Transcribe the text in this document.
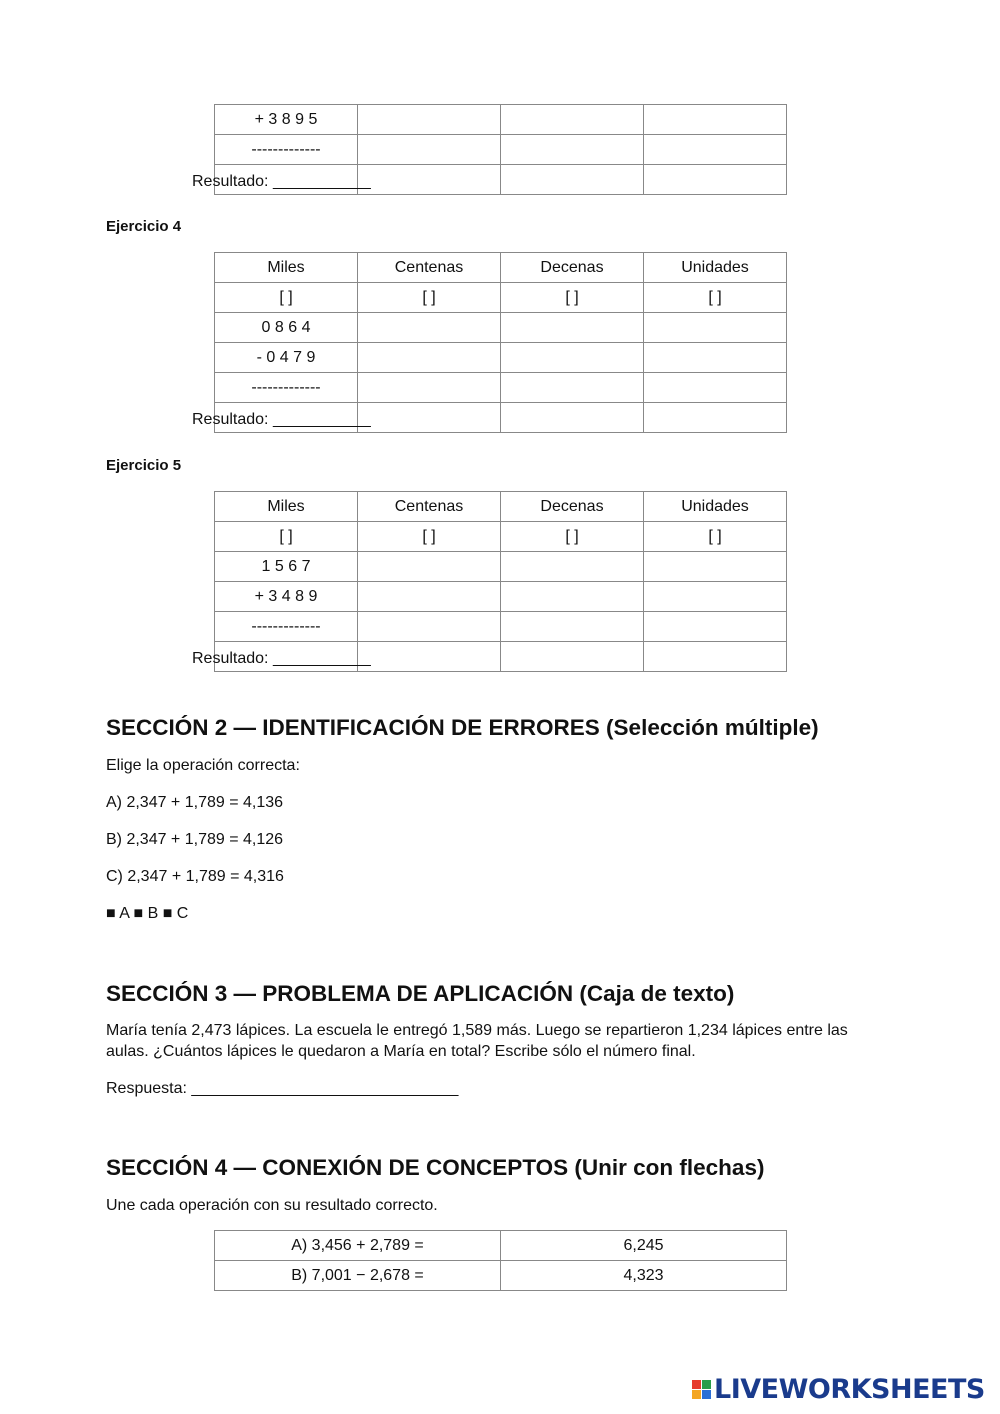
+ 3 8 9 5			
-------------			

Resultado: ___________
Ejercicio 4
Miles	Centenas	Decenas	Unidades
[ ]	[ ]	[ ]	[ ]
0 8 6 4			
- 0 4 7 9			
-------------			

Resultado: ___________
Ejercicio 5
Miles	Centenas	Decenas	Unidades
[ ]	[ ]	[ ]	[ ]
1 5 6 7			
+ 3 4 8 9			
-------------			

Resultado: ___________
SECCIÓN 2 — IDENTIFICACIÓN DE ERRORES (Selección múltiple)
Elige la operación correcta:
A) 2,347 + 1,789 = 4,136
B) 2,347 + 1,789 = 4,126
C) 2,347 + 1,789 = 4,316
■ A ■ B ■ C
SECCIÓN 3 — PROBLEMA DE APLICACIÓN (Caja de texto)
María tenía 2,473 lápices. La escuela le entregó 1,589 más. Luego se repartieron 1,234 lápices entre las
aulas. ¿Cuántos lápices le quedaron a María en total? Escribe sólo el número final.
Respuesta: ______________________________
SECCIÓN 4 — CONEXIÓN DE CONCEPTOS (Unir con flechas)
Une cada operación con su resultado correcto.
A) 3,456 + 2,789 =	6,245
B) 7,001 − 2,678 =	4,323
LIVEWORKSHEETS
